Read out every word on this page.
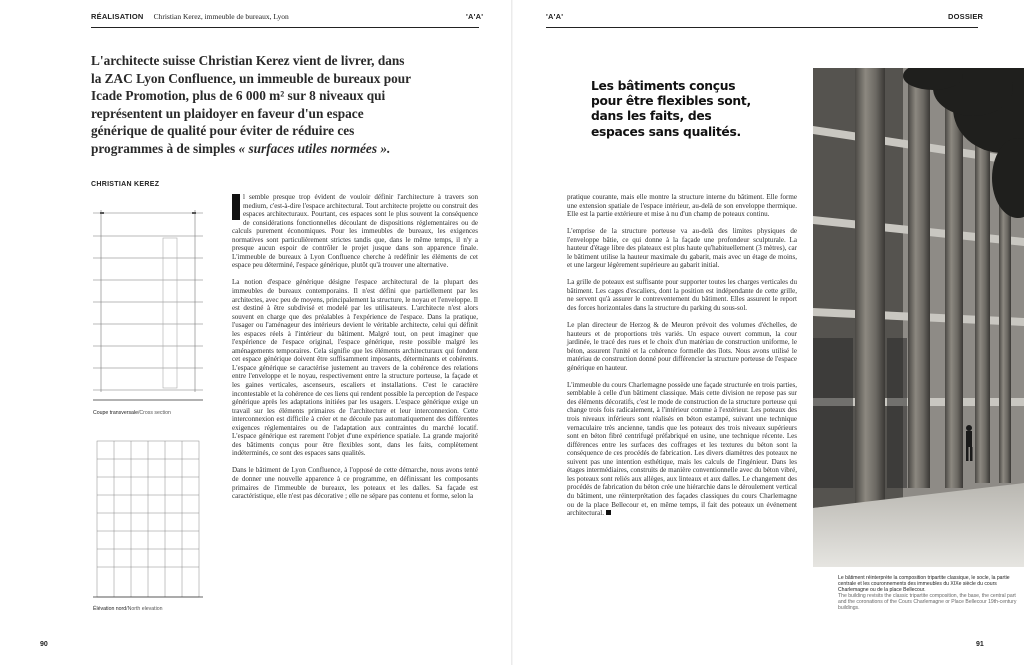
RÉALISATION Christian Kerez, immeuble de bureaux, Lyon	'A'A'	'A'A'	DOSSIER
L'architecte suisse Christian Kerez vient de livrer, dans la ZAC Lyon Confluence, un immeuble de bureaux pour Icade Promotion, plus de 6 000 m² sur 8 niveaux qui représentent un plaidoyer en faveur d'un espace générique de qualité pour éviter de réduire ces programmes à de simples « surfaces utiles normées ».
CHRISTIAN KEREZ
Coupe transversale/Cross section
Élévation nord/North elevation

l semble presque trop évident de vouloir définir l'architecture à travers son medium, c'est-à-dire l'espace architectural. Tout architecte projette ou construit des espaces architecturaux. Pourtant, ces espaces sont le plus souvent la conséquence de considérations fonctionnelles découlant de dispositions réglementaires ou de calculs purement économiques. Pour les immeubles de bureaux, les exigences normatives sont particulièrement strictes tandis que, dans le même temps, il n'y a presque aucun espoir de contrôler le projet jusque dans son apparence finale. L'immeuble de bureaux à Lyon Confluence cherche à redéfinir les éléments de cet espace peu déterminé, l'espace générique, plutôt qu'à trouver une alternative.

La notion d'espace générique désigne l'espace architectural de la plupart des immeubles de bureaux contemporains. Il n'est défini que partiellement par les architectes, avec peu de moyens, principalement la structure, le noyau et l'enveloppe. Il est destiné à être subdivisé et modelé par les utilisateurs. L'architecte n'est alors souvent en charge que des préalables à l'expérience de l'espace. Dans la pratique, l'usager ou l'aménageur des intérieurs devient le véritable architecte, celui qui définit les espaces réels à l'intérieur du bâtiment. Malgré tout, on peut imaginer que l'expérience de l'espace original, l'espace générique, reste possible malgré les aménagements temporaires. Cela signifie que les éléments architecturaux qui fondent cet espace générique doivent être suffisamment imposants, déterminants et cohérents. L'espace générique se caractérise justement au travers de la cohérence des relations entre l'enveloppe et le noyau, respectivement entre la structure porteuse, la façade et les gaines verticales, ascenseurs, escaliers et installations. C'est le caractère incontestable et la cohérence de ces liens qui rendent possible la perception de l'espace générique après les adaptations initiées par les usagers. L'espace générique exige un travail sur les éléments primaires de l'architecture et leur interconnexion. Cette interconnexion est difficile à créer et ne découle pas automatiquement des différentes exigences réglementaires ou de l'adaptation aux contraintes du marché locatif. L'espace générique est rarement l'objet d'une expérience spatiale. La grande majorité des bâtiments conçus pour être flexibles sont, dans les faits, complètement indéterminés, ce sont des espaces sans qualités.

Dans le bâtiment de Lyon Confluence, à l'opposé de cette démarche, nous avons tenté de donner une nouvelle apparence à ce programme, en définissant les composants primaires de l'immeuble de bureaux, les poteaux et les dalles. Sa façade est caractéristique, elle n'est pas décorative ; elle ne sépare pas contenu et forme, selon la

Les bâtiments conçus pour être flexibles sont, dans les faits, des espaces sans qualités.

pratique courante, mais elle montre la structure interne du bâtiment. Elle forme une extension spatiale de l'espace intérieur, au-delà de son enveloppe thermique. Elle est la partie extérieure et mise à nu d'un champ de poteaux continu.

L'emprise de la structure porteuse va au-delà des limites physiques de l'enveloppe bâtie, ce qui donne à la façade une profondeur sculpturale. La hauteur d'étage libre des plateaux est plus haute qu'habituellement (3 mètres), car le bâtiment utilise la hauteur maximale du gabarit, mais avec un étage de moins, et une largeur légèrement supérieure au gabarit initial.

La grille de poteaux est suffisante pour supporter toutes les charges verticales du bâtiment. Les cages d'escaliers, dont la position est indépendante de cette grille, ne servent qu'à assurer le contreventement du bâtiment. Elles assurent le report des forces horizontales dans la structure du parking du sous-sol.

Le plan directeur de Herzog & de Meuron prévoit des volumes d'échelles, de hauteurs et de proportions très variés. Un espace ouvert commun, la cour jardinée, le tracé des rues et le choix d'un matériau de construction uniforme, le béton, assurent l'unité et la cohérence formelle des îlots. Nous avons utilisé le matériau de construction donné pour différencier la structure porteuse de l'espace générique en hauteur.

L'immeuble du cours Charlemagne possède une façade structurée en trois parties, semblable à celle d'un bâtiment classique. Mais cette division ne repose pas sur des éléments décoratifs, c'est le mode de construction de la structure porteuse qui change trois fois radicalement, à l'intérieur comme à l'extérieur. Les poteaux des trois niveaux inférieurs sont réalisés en béton estampé, suivant une technique vernaculaire très ancienne, tandis que les poteaux des trois niveaux supérieurs sont en béton fibré centrifugé préfabriqué en usine, une technique récente. Les différences entre les surfaces des coffrages et les textures du béton sont la conséquence de ces procédés de fabrication. Les divers diamètres des poteaux ne suivent pas une intention esthétique, mais les calculs de l'ingénieur. Dans les étages intermédiaires, construits de manière conventionnelle avec du béton vibré, les poteaux sont reliés aux allèges, aux linteaux et aux dalles. Le changement des procédés de fabrication du béton crée une hiérarchie dans le déroulement vertical du bâtiment, une réinterprétation des façades classiques du cours Charlemagne ou de la place Bellecour et, en même temps, il fait des poteaux un événement architectural.

Le bâtiment réinterprète la composition tripartite classique, le socle, la partie centrale et les couronnements des immeubles du XIXe siècle du cours Charlemagne ou de la place Bellecour.
The building revisits the classic tripartite composition, the base, the central part and the coronations of the Cours Charlemagne or Place Bellecour 19th-century buildings.
90	91
